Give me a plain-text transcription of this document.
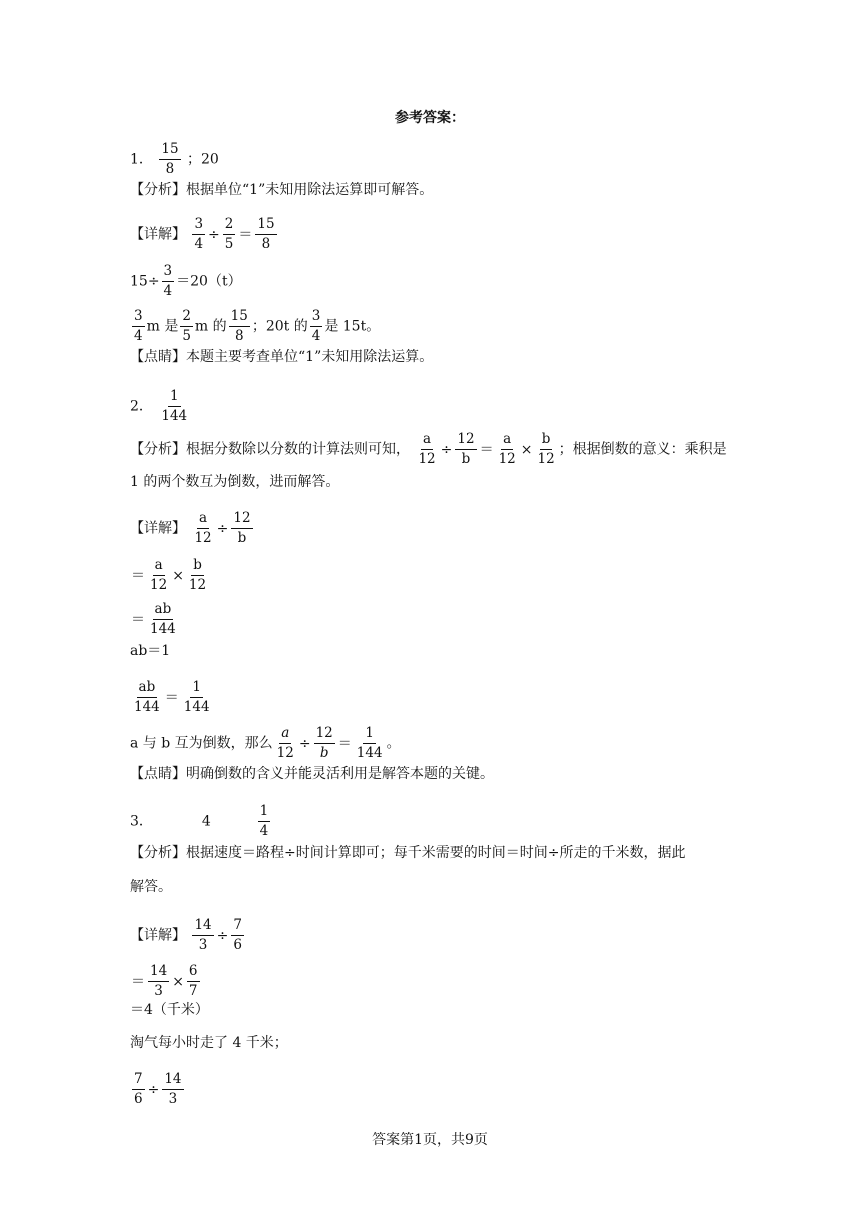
参考答案：
1． $\frac{15}{8}$ ；20
【分析】根据单位“1”未知用除法运算即可解答。
【详解】 $\frac{3}{4} \div \frac{2}{5} = \frac{15}{8}$
$15\div \frac{3}{4} =20(t)$
$\frac{3}{4}$ m 是 $\frac{2}{5}$ m 的 $\frac{15}{8}$ ；20t 的 $\frac{3}{4}$ 是 15t。
【点睛】本题主要考查单位“1”未知用除法运算。
2． $\frac{1}{144}$
【分析】根据分数除以分数的计算法则可知， $\frac{a}{12} \div \frac{12}{b} = \frac{a}{12} \times \frac{b}{12}$ ；根据倒数的意义：乘积是
1 的两个数互为倒数，进而解答。
【详解】 $\frac{a}{12} \div \frac{12}{b}$
＝ $\frac{a}{12} \times \frac{b}{12}$
＝ $\frac{ab}{144}$
ab＝1
$\frac{ab}{144} = \frac{1}{144}$
a 与 b 互为倒数，那么 $\frac{a}{12} \div \frac{12}{b} = \frac{1}{144}$ 。
【点睛】明确倒数的含义并能灵活利用是解答本题的关键。
3．	4	$\frac{1}{4}$
【分析】根据速度＝路程÷时间计算即可；每千米需要的时间＝时间÷所走的千米数，据此
解答。
【详解】 $\frac{14}{3} \div \frac{7}{6}$
＝ $\frac{14}{3} \times \frac{6}{7}$
＝4（千米）
淘气每小时走了 4 千米；
$\frac{7}{6} \div \frac{14}{3}$
答案第1页，共9页
